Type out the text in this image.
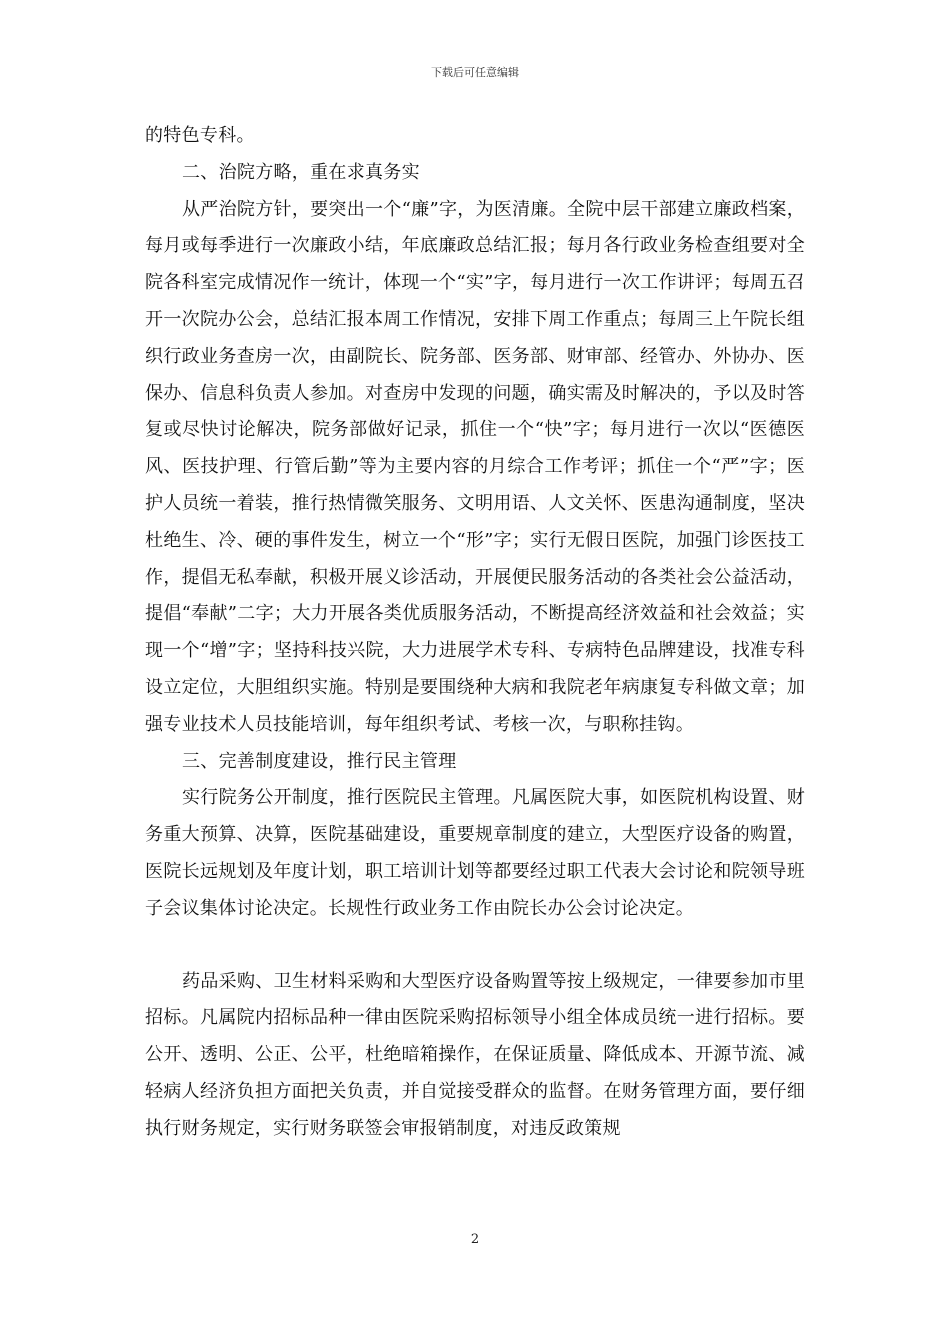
下载后可任意编辑

的特色专科。

二、治院方略，重在求真务实

从严治院方针，要突出一个“廉”字，为医清廉。全院中层干部建立廉政档案，每月或每季进行一次廉政小结，年底廉政总结汇报；每月各行政业务检查组要对全院各科室完成情况作一统计，体现一个“实”字，每月进行一次工作讲评；每周五召开一次院办公会，总结汇报本周工作情况，安排下周工作重点；每周三上午院长组织行政业务查房一次，由副院长、院务部、医务部、财审部、经管办、外协办、医保办、信息科负责人参加。对查房中发现的问题，确实需及时解决的，予以及时答复或尽快讨论解决，院务部做好记录，抓住一个“快”字；每月进行一次以“医德医风、医技护理、行管后勤”等为主要内容的月综合工作考评；抓住一个“严”字；医护人员统一着装，推行热情微笑服务、文明用语、人文关怀、医患沟通制度，坚决杜绝生、冷、硬的事件发生，树立一个“形”字；实行无假日医院，加强门诊医技工作，提倡无私奉献，积极开展义诊活动，开展便民服务活动的各类社会公益活动，提倡“奉献”二字；大力开展各类优质服务活动，不断提高经济效益和社会效益；实现一个“增”字；坚持科技兴院，大力进展学术专科、专病特色品牌建设，找准专科设立定位，大胆组织实施。特别是要围绕种大病和我院老年病康复专科做文章；加强专业技术人员技能培训，每年组织考试、考核一次，与职称挂钩。

三、完善制度建设，推行民主管理

实行院务公开制度，推行医院民主管理。凡属医院大事，如医院机构设置、财务重大预算、决算，医院基础建设，重要规章制度的建立，大型医疗设备的购置，医院长远规划及年度计划，职工培训计划等都要经过职工代表大会讨论和院领导班子会议集体讨论决定。长规性行政业务工作由院长办公会讨论决定。

药品采购、卫生材料采购和大型医疗设备购置等按上级规定，一律要参加市里招标。凡属院内招标品种一律由医院采购招标领导小组全体成员统一进行招标。要公开、透明、公正、公平，杜绝暗箱操作，在保证质量、降低成本、开源节流、减轻病人经济负担方面把关负责，并自觉接受群众的监督。在财务管理方面，要仔细执行财务规定，实行财务联签会审报销制度，对违反政策规

2
